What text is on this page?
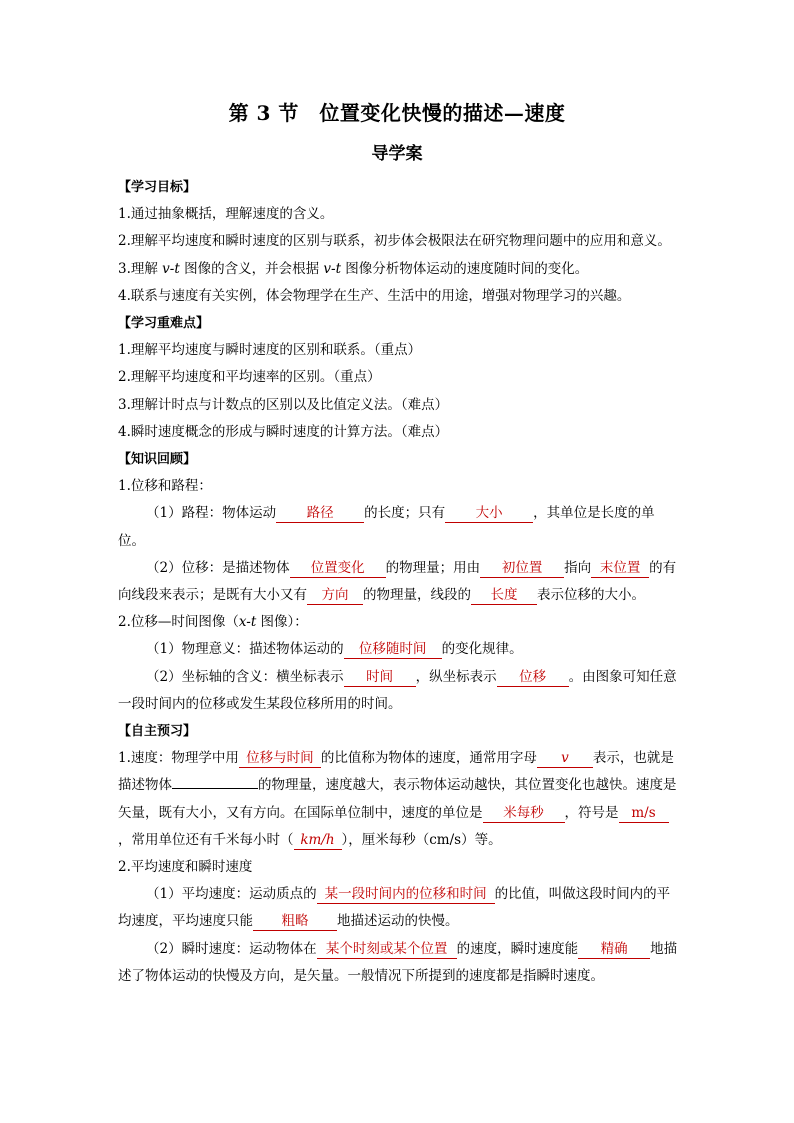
第 3 节　位置变化快慢的描述—速度
导学案

【学习目标】

1.通过抽象概括，理解速度的含义。

2.理解平均速度和瞬时速度的区别与联系，初步体会极限法在研究物理问题中的应用和意义。

3.理解 v-t 图像的含义，并会根据 v-t 图像分析物体运动的速度随时间的变化。

4.联系与速度有关实例，体会物理学在生产、生活中的用途，增强对物理学习的兴趣。

【学习重难点】

1.理解平均速度与瞬时速度的区别和联系。（重点）

2.理解平均速度和平均速率的区别。（重点）

3.理解计时点与计数点的区别以及比值定义法。（难点）

4.瞬时速度概念的形成与瞬时速度的计算方法。（难点）

【知识回顾】

1.位移和路程：

（1）路程：物体运动 路径 的长度；只有 大小 ，其单位是长度的单位。

（2）位移：是描述物体 位置变化 的物理量；用由 初位置 指向 末位置 的有向线段来表示；是既有大小又有 方向 的物理量，线段的 长度 表示位移的大小。

2.位移—时间图像（x-t 图像）：

（1）物理意义：描述物体运动的 位移随时间 的变化规律。

（2）坐标轴的含义：横坐标表示 时间 ，纵坐标表示 位移 。由图象可知任意一段时间内的位移或发生某段位移所用的时间。

【自主预习】

1.速度：物理学中用 位移与时间 的比值称为物体的速度，通常用字母 v 表示，也就是描述物体	的物理量，速度越大，表示物体运动越快，其位置变化也越快。速度是矢量，既有大小，又有方向。在国际单位制中，速度的单位是 米每秒 ，符号是 m/s，常用单位还有千米每小时（ km/h ），厘米每秒（cm/s）等。

2.平均速度和瞬时速度

（1）平均速度：运动质点的 某一段时间内的位移和时间 的比值，叫做这段时间内的平均速度，平均速度只能 粗略 地描述运动的快慢。

（2）瞬时速度：运动物体在 某个时刻或某个位置 的速度，瞬时速度能 精确 地描述了物体运动的快慢及方向，是矢量。一般情况下所提到的速度都是指瞬时速度。
